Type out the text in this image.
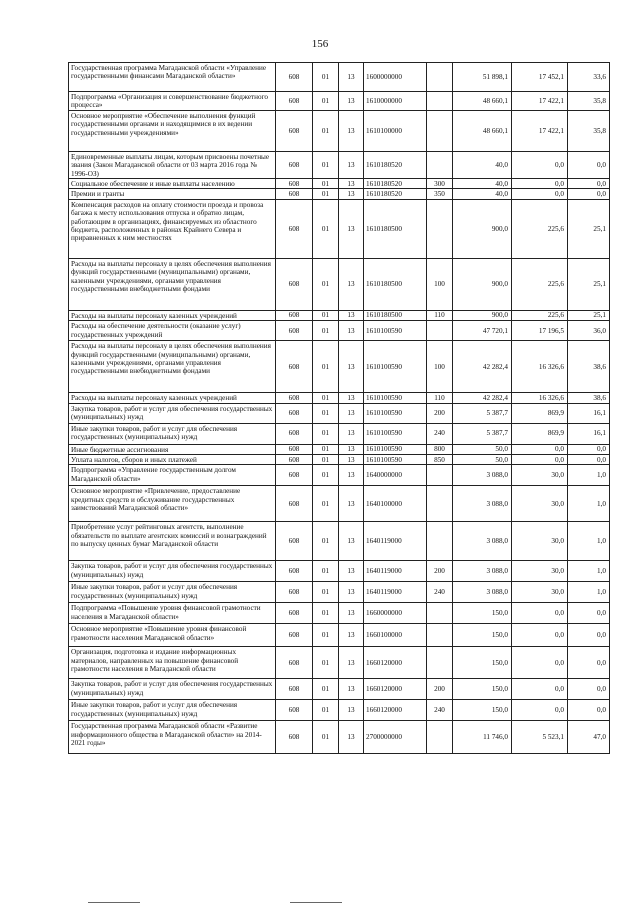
156
Государственная программа Магаданской области «Управление государственными финансами Магаданской области»	608	01	13	1600000000		51 898,1	17 452,1	33,6
Подпрограмма «Организация и совершенствование бюджетного процесса»	608	01	13	1610000000		48 660,1	17 422,1	35,8
Основное мероприятие «Обеспечение выполнения функций государственными органами и находящимися в их ведении государственными учреждениями»	608	01	13	1610100000		48 660,1	17 422,1	35,8
Единовременные выплаты лицам, которым присвоены почетные звания (Закон Магаданской области от 03 марта 2016 года № 1996-ОЗ)	608	01	13	1610180520		40,0	0,0	0,0
Социальное обеспечение и иные выплаты населению	608	01	13	1610180520	300	40,0	0,0	0,0
Премии и гранты	608	01	13	1610180520	350	40,0	0,0	0,0
Компенсация расходов на оплату стоимости проезда и провоза багажа к месту использования отпуска и обратно лицам, работающим в организациях, финансируемых из областного бюджета, расположенных в районах Крайнего Севера и приравненных к ним местностях	608	01	13	1610180500		900,0	225,6	25,1
Расходы на выплаты персоналу в целях обеспечения выполнения функций государственными (муниципальными) органами, казенными учреждениями, органами управления государственными внебюджетными фондами	608	01	13	1610180500	100	900,0	225,6	25,1
Расходы на выплаты персоналу казенных учреждений	608	01	13	1610180500	110	900,0	225,6	25,1
Расходы на обеспечение деятельности (оказание услуг) государственных учреждений	608	01	13	1610100590		47 720,1	17 196,5	36,0
Расходы на выплаты персоналу в целях обеспечения выполнения функций государственными (муниципальными) органами, казенными учреждениями, органами управления государственными внебюджетными фондами	608	01	13	1610100590	100	42 282,4	16 326,6	38,6
Расходы на выплаты персоналу казенных учреждений	608	01	13	1610100590	110	42 282,4	16 326,6	38,6
Закупка товаров, работ и услуг для обеспечения государственных (муниципальных) нужд	608	01	13	1610100590	200	5 387,7	869,9	16,1
Иные закупки товаров, работ и услуг для обеспечения государственных (муниципальных) нужд	608	01	13	1610100590	240	5 387,7	869,9	16,1
Иные бюджетные ассигнования	608	01	13	1610100590	800	50,0	0,0	0,0
Уплата налогов, сборов и иных платежей	608	01	13	1610100590	850	50,0	0,0	0,0
Подпрограмма «Управление государственным долгом Магаданской области»	608	01	13	1640000000		3 088,0	30,0	1,0
Основное мероприятие «Привлечение, предоставление кредитных средств и обслуживание государственных заимствований Магаданской области»	608	01	13	1640100000		3 088,0	30,0	1,0
Приобретение услуг рейтинговых агентств, выполнение обязательств по выплате агентских комиссий и вознаграждений по выпуску ценных бумаг Магаданской области	608	01	13	1640119000		3 088,0	30,0	1,0
Закупка товаров, работ и услуг для обеспечения государственных (муниципальных) нужд	608	01	13	1640119000	200	3 088,0	30,0	1,0
Иные закупки товаров, работ и услуг для обеспечения государственных (муниципальных) нужд	608	01	13	1640119000	240	3 088,0	30,0	1,0
Подпрограмма «Повышение уровня финансовой грамотности населения в Магаданской области»	608	01	13	1660000000		150,0	0,0	0,0
Основное мероприятие «Повышение уровня финансовой грамотности населения Магаданской области»	608	01	13	1660100000		150,0	0,0	0,0
Организация, подготовка и издание информационных материалов, направленных на повышение финансовой грамотности населения в Магаданской области	608	01	13	1660120000		150,0	0,0	0,0
Закупка товаров, работ и услуг для обеспечения государственных (муниципальных) нужд	608	01	13	1660120000	200	150,0	0,0	0,0
Иные закупки товаров, работ и услуг для обеспечения государственных (муниципальных) нужд	608	01	13	1660120000	240	150,0	0,0	0,0
Государственная программа Магаданской области «Развитие информационного общества в Магаданской области» на 2014-2021 годы»	608	01	13	2700000000		11 746,0	5 523,1	47,0
